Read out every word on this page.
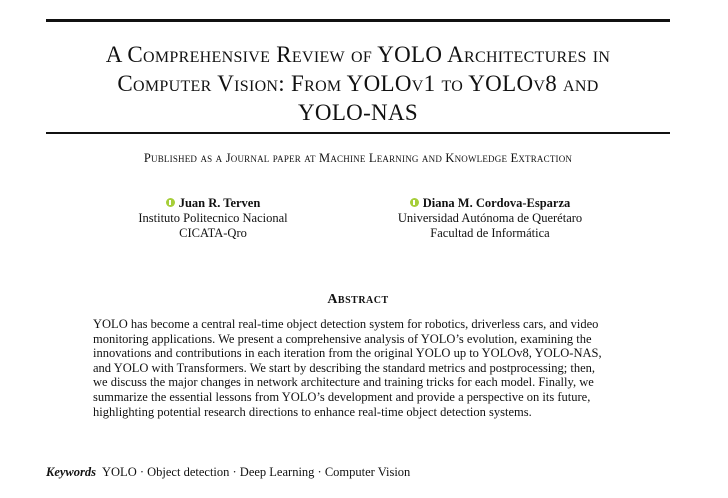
A Comprehensive Review of YOLO Architectures in
Computer Vision: From YOLOv1 to YOLOv8 and
YOLO-NAS
Published as a Journal paper at Machine Learning and Knowledge Extraction
Juan R. Terven
Instituto Politecnico Nacional
CICATA-Qro
Diana M. Cordova-Esparza
Universidad Autónoma de Querétaro
Facultad de Informática
Abstract
YOLO has become a central real-time object detection system for robotics, driverless cars, and video
monitoring applications. We present a comprehensive analysis of YOLO’s evolution, examining the
innovations and contributions in each iteration from the original YOLO up to YOLOv8, YOLO-NAS,
and YOLO with Transformers. We start by describing the standard metrics and postprocessing; then,
we discuss the major changes in network architecture and training tricks for each model. Finally, we
summarize the essential lessons from YOLO’s development and provide a perspective on its future,
highlighting potential research directions to enhance real-time object detection systems.
Keywords YOLO · Object detection · Deep Learning · Computer Vision
